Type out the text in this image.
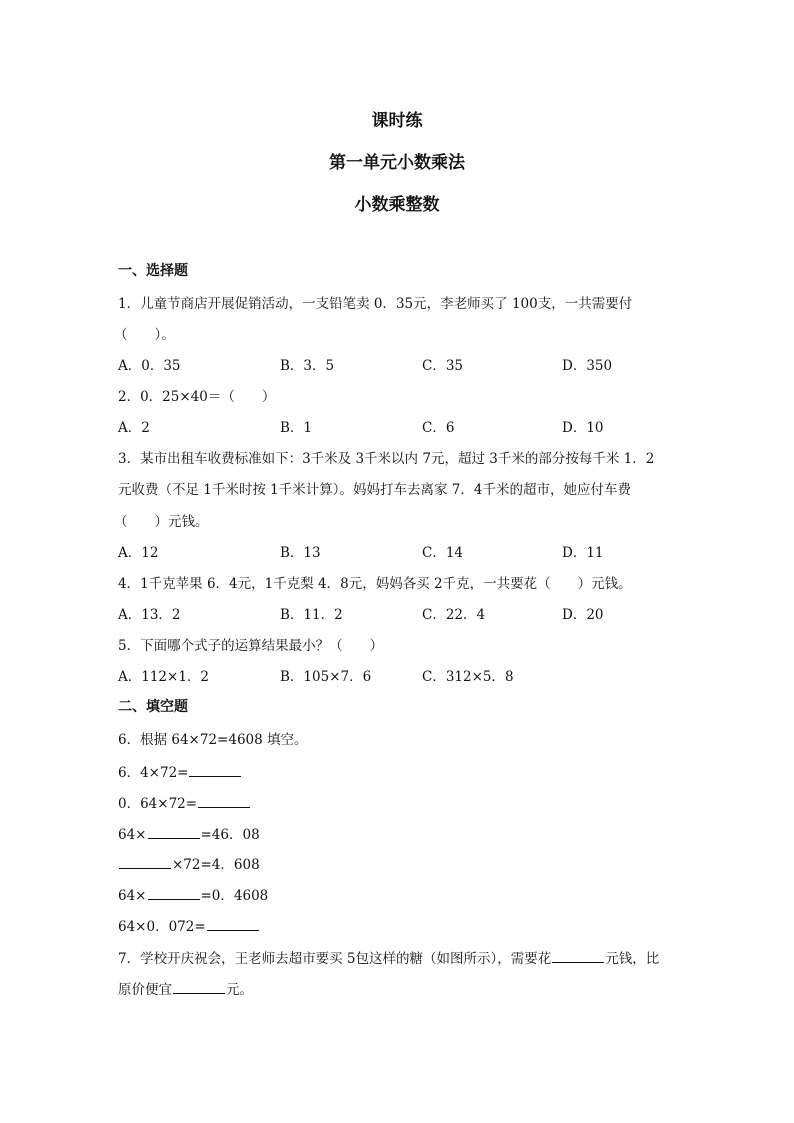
课时练
第一单元小数乘法
小数乘整数
一、选择题
1．儿童节商店开展促销活动，一支铅笔卖 0．35元，李老师买了 100支，一共需要付
（　　）。
A．0．35	B．3．5	C．35	D．350
2．0．25×40＝（　　）
A．2	B．1	C．6	D．10
3．某市出租车收费标准如下：3千米及 3千米以内 7元，超过 3千米的部分按每千米 1．2
元收费（不足 1千米时按 1千米计算）。妈妈打车去离家 7．4千米的超市，她应付车费
（　　）元钱。
A．12	B．13	C．14	D．11
4．1千克苹果 6．4元，1千克梨 4．8元，妈妈各买 2千克，一共要花（　　）元钱。
A．13．2	B．11．2	C．22．4	D．20
5．下面哪个式子的运算结果最小？（　　）
A．112×1．2	B．105×7．6	C．312×5．8
二、填空题
6．根据 64×72=4608 填空。
6．4×72=
0．64×72=
64×	=46．08
×72=4．608
64×	=0．4608
64×0．072=
7．学校开庆祝会，王老师去超市要买 5包这样的糖（如图所示），需要花	元钱，比
原价便宜	元。
